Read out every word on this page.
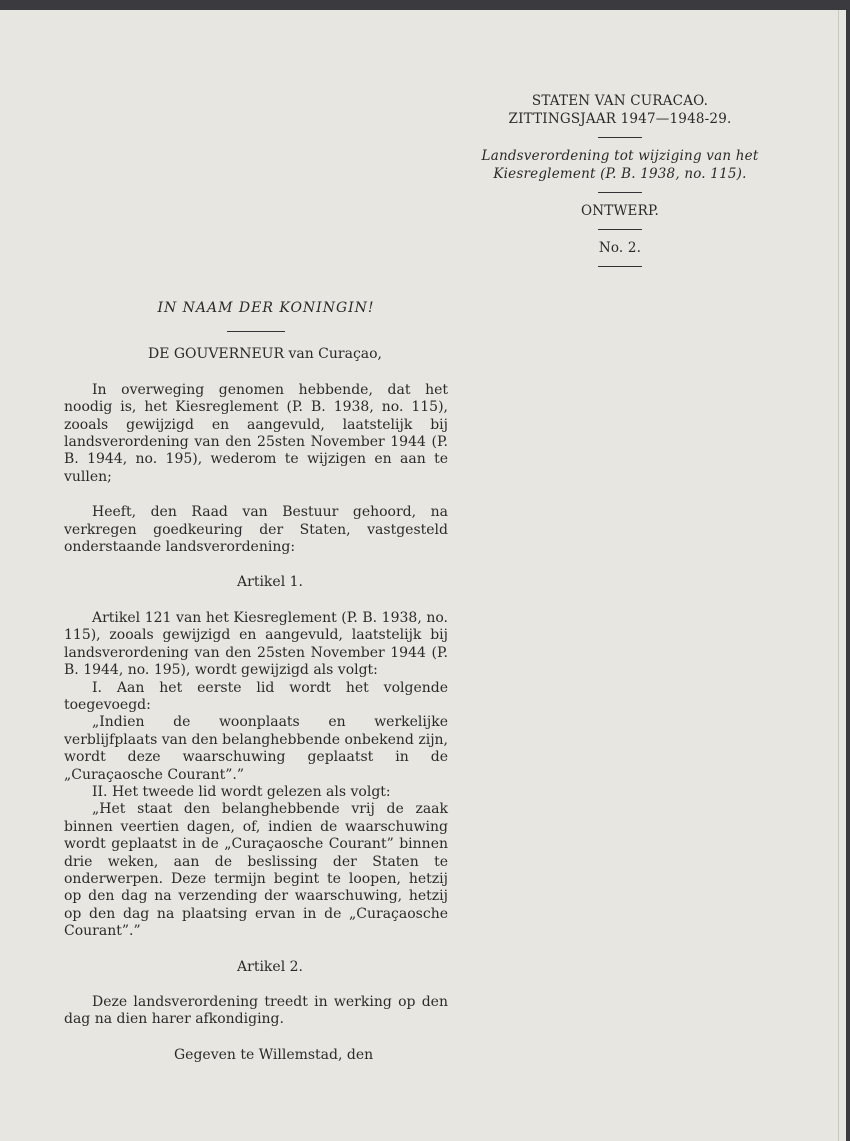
STATEN VAN CURACAO.
ZITTINGSJAAR 1947—1948-29.
Landsverordening tot wijziging van het
Kiesreglement (P. B. 1938, no. 115).
ONTWERP.
No. 2.

IN NAAM DER KONINGIN!

DE GOUVERNEUR van Curaçao,

In overweging genomen hebbende, dat het noodig is, het Kiesreglement (P. B. 1938, no. 115), zooals gewijzigd en aangevuld, laatstelijk bij landsverordening van den 25sten November 1944 (P. B. 1944, no. 195), wederom te wijzigen en aan te vullen;

Heeft, den Raad van Bestuur gehoord, na verkregen goedkeuring der Staten, vastgesteld onderstaande landsverordening:

Artikel 1.

Artikel 121 van het Kiesreglement (P. B. 1938, no. 115), zooals gewijzigd en aangevuld, laatstelijk bij landsverordening van den 25sten November 1944 (P. B. 1944, no. 195), wordt gewijzigd als volgt:

I. Aan het eerste lid wordt het volgende toegevoegd:

„Indien de woonplaats en werkelijke verblijfplaats van den belanghebbende onbekend zijn, wordt deze waarschuwing geplaatst in de „Curaçaosche Courant”.”

II. Het tweede lid wordt gelezen als volgt:

„Het staat den belanghebbende vrij de zaak binnen veertien dagen, of, indien de waarschuwing wordt geplaatst in de „Curaçaosche Courant” binnen drie weken, aan de beslissing der Staten te onderwerpen. Deze termijn begint te loopen, hetzij op den dag na verzending der waarschuwing, hetzij op den dag na plaatsing ervan in de „Curaçaosche Courant”.”

Artikel 2.

Deze landsverordening treedt in werking op den dag na dien harer afkondiging.

Gegeven te Willemstad, den
